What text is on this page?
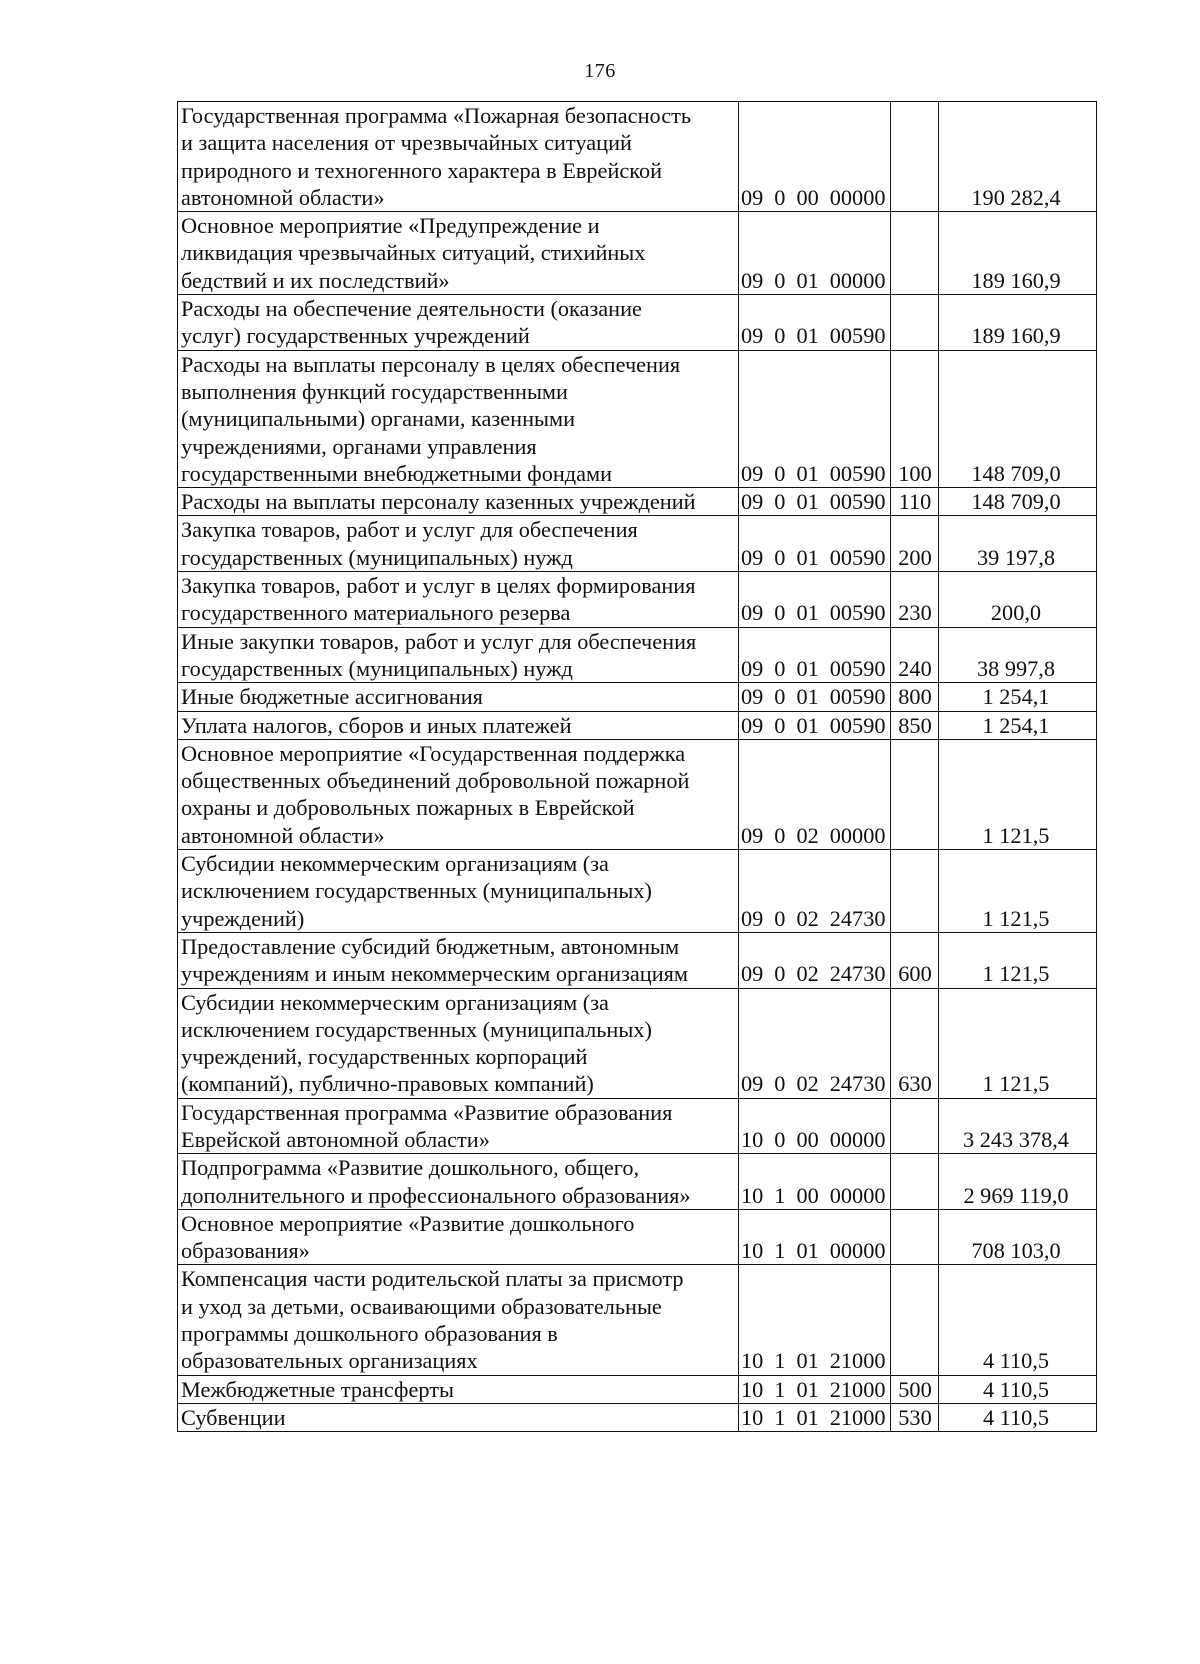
176
Государственная программа «Пожарная безопасность
и защита населения от чрезвычайных ситуаций
природного и техногенного характера в Еврейской
автономной области»	09 0 00 00000		190 282,4
Основное мероприятие «Предупреждение и
ликвидация чрезвычайных ситуаций, стихийных
бедствий и их последствий»	09 0 01 00000		189 160,9
Расходы на обеспечение деятельности (оказание
услуг) государственных учреждений	09 0 01 00590		189 160,9
Расходы на выплаты персоналу в целях обеспечения
выполнения функций государственными
(муниципальными) органами, казенными
учреждениями, органами управления
государственными внебюджетными фондами	09 0 01 00590	100	148 709,0
Расходы на выплаты персоналу казенных учреждений	09 0 01 00590	110	148 709,0
Закупка товаров, работ и услуг для обеспечения
государственных (муниципальных) нужд	09 0 01 00590	200	39 197,8
Закупка товаров, работ и услуг в целях формирования
государственного материального резерва	09 0 01 00590	230	200,0
Иные закупки товаров, работ и услуг для обеспечения
государственных (муниципальных) нужд	09 0 01 00590	240	38 997,8
Иные бюджетные ассигнования	09 0 01 00590	800	1 254,1
Уплата налогов, сборов и иных платежей	09 0 01 00590	850	1 254,1
Основное мероприятие «Государственная поддержка
общественных объединений добровольной пожарной
охраны и добровольных пожарных в Еврейской
автономной области»	09 0 02 00000		1 121,5
Субсидии некоммерческим организациям (за
исключением государственных (муниципальных)
учреждений)	09 0 02 24730		1 121,5
Предоставление субсидий бюджетным, автономным
учреждениям и иным некоммерческим организациям	09 0 02 24730	600	1 121,5
Субсидии некоммерческим организациям (за
исключением государственных (муниципальных)
учреждений, государственных корпораций
(компаний), публично-правовых компаний)	09 0 02 24730	630	1 121,5
Государственная программа «Развитие образования
Еврейской автономной области»	10 0 00 00000		3 243 378,4
Подпрограмма «Развитие дошкольного, общего,
дополнительного и профессионального образования»	10 1 00 00000		2 969 119,0
Основное мероприятие «Развитие дошкольного
образования»	10 1 01 00000		708 103,0
Компенсация части родительской платы за присмотр
и уход за детьми, осваивающими образовательные
программы дошкольного образования в
образовательных организациях	10 1 01 21000		4 110,5
Межбюджетные трансферты	10 1 01 21000	500	4 110,5
Субвенции	10 1 01 21000	530	4 110,5
